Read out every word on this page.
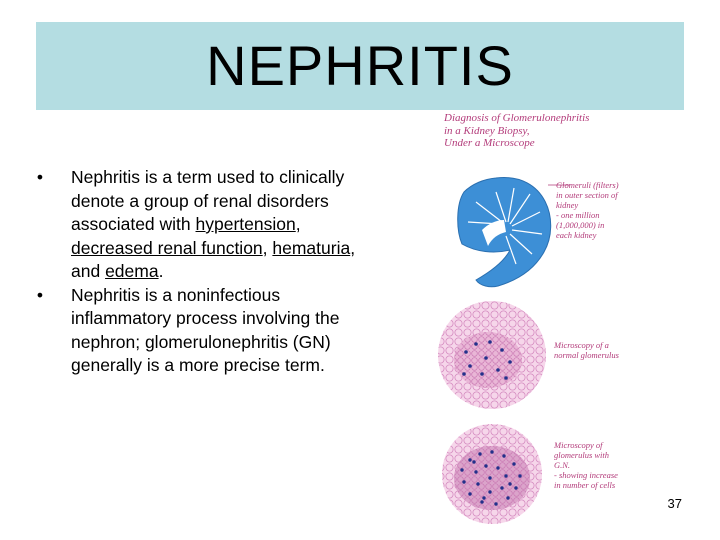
NEPHRITIS
•	Nephritis is a term used to clinically denote a group of renal disorders associated with hypertension, decreased renal function, hematuria, and edema.
•	Nephritis is a noninfectious inflammatory process involving the nephron; glomerulonephritis (GN) generally is a more precise term.
Diagnosis of Glomerulonephritis
in a Kidney Biopsy,
Under a Microscope
Glomeruli (filters)
in outer section of
kidney
- one million
(1,000,000) in
each kidney
Microscopy of a
normal glomerulus
Microscopy of
glomerulus with
G.N.
- showing increase
in number of cells
37
